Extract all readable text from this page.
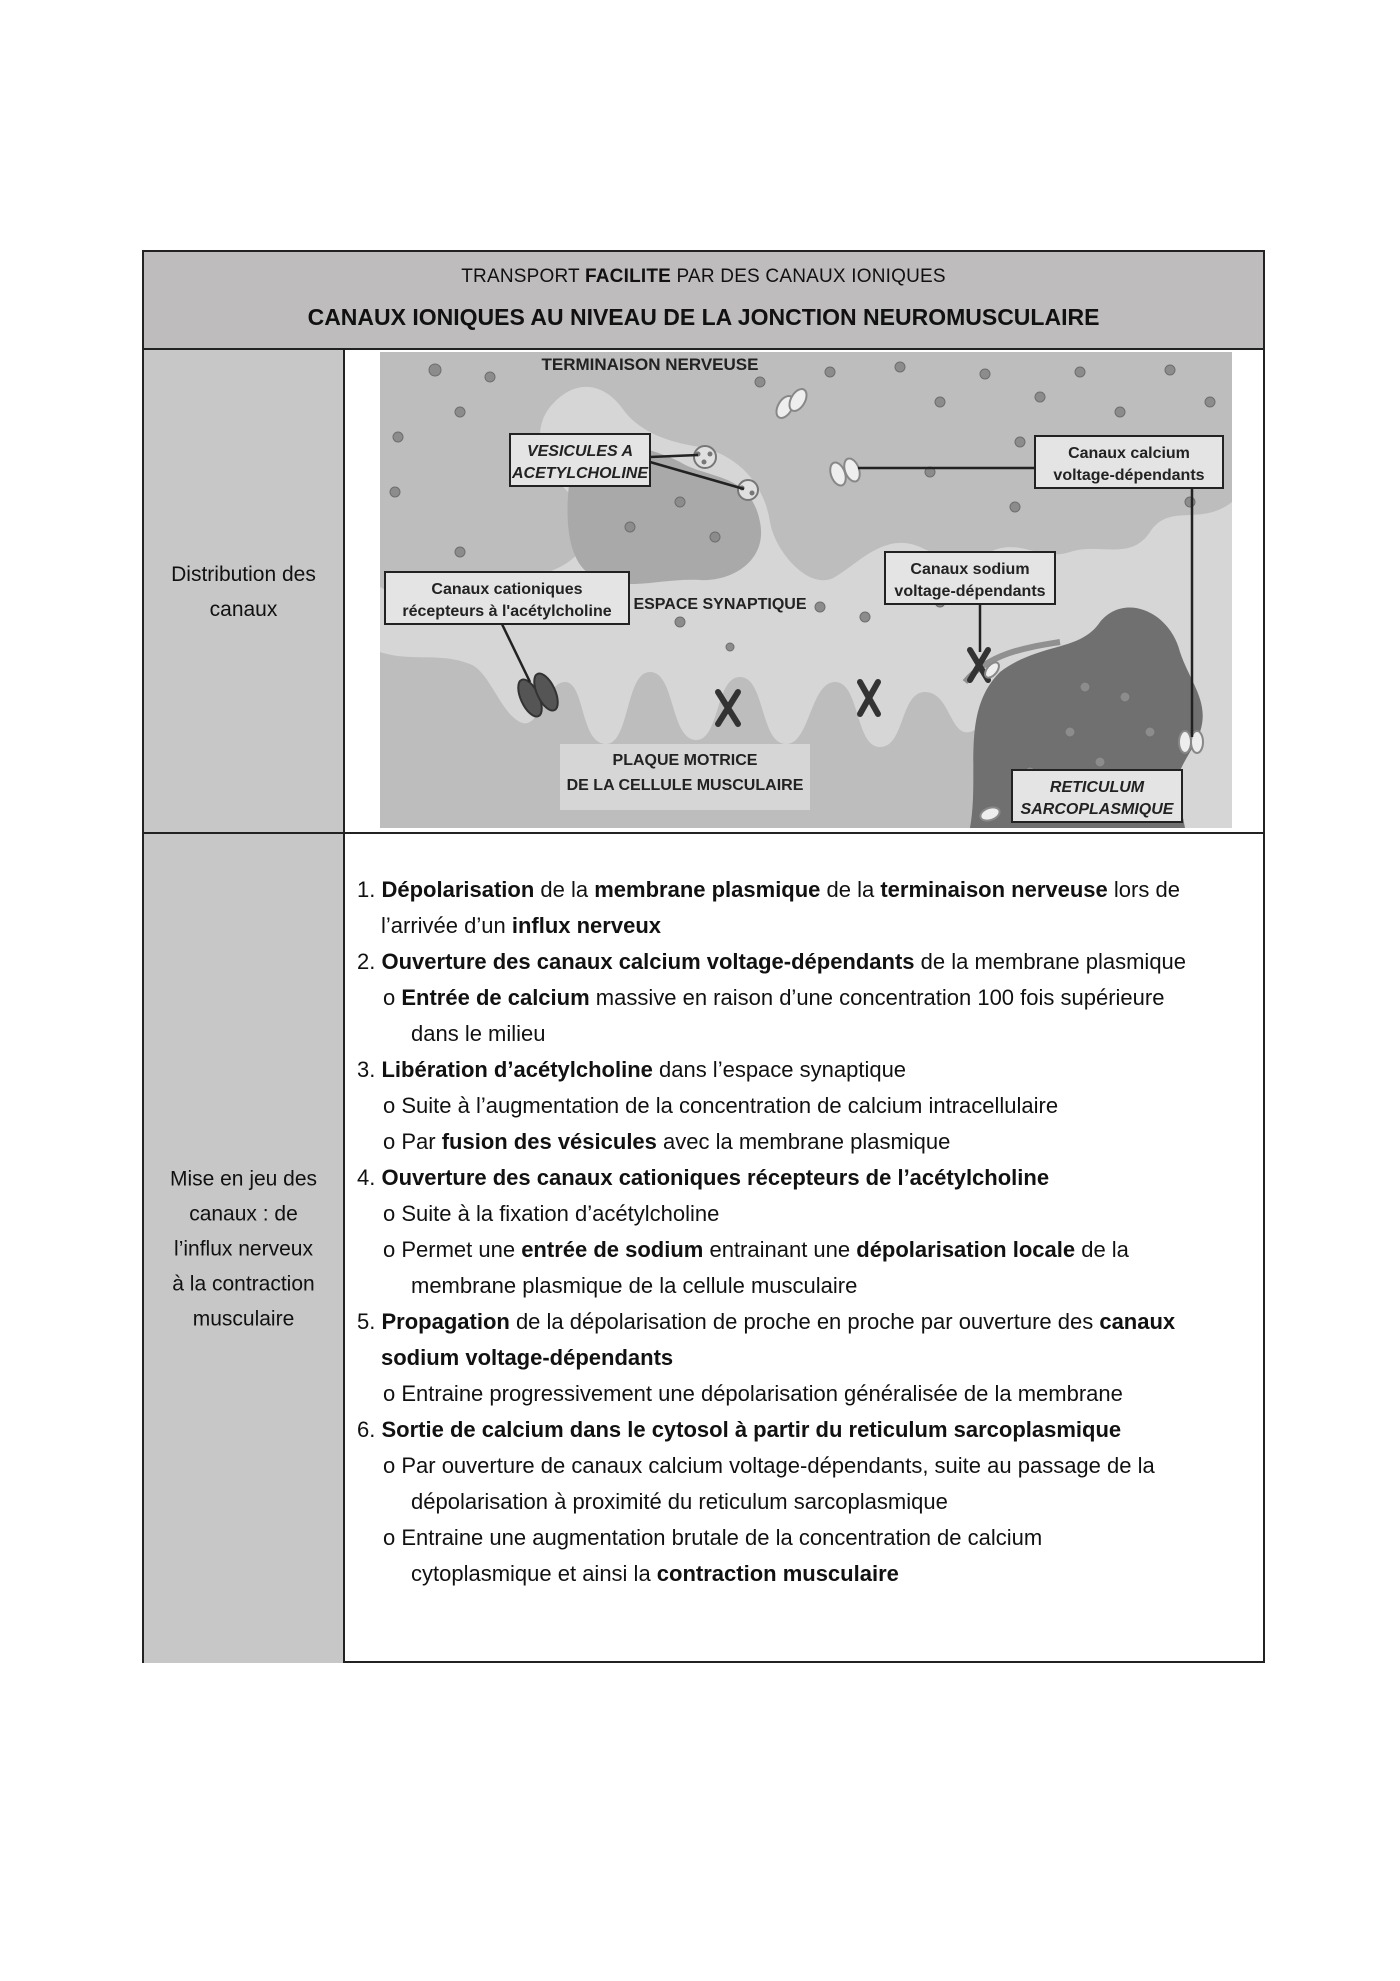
TRANSPORT FACILITE PAR DES CANAUX IONIQUES
CANAUX IONIQUES AU NIVEAU DE LA JONCTION NEUROMUSCULAIRE
Distribution des
canaux
TERMINAISON NERVEUSE
VESICULES A
ACETYLCHOLINE
Canaux calcium
voltage-dépendants
Canaux cationiques
récepteurs à l'acétylcholine ESPACE SYNAPTIQUE
Canaux sodium
voltage-dépendants
PLAQUE MOTRICE
DE LA CELLULE MUSCULAIRE	RETICULUM
SARCOPLASMIQUE
Mise en jeu des
canaux : de
l’influx nerveux
à la contraction
musculaire
1. Dépolarisation de la membrane plasmique de la terminaison nerveuse lors de
l’arrivée d’un influx nerveux
2. Ouverture des canaux calcium voltage-dépendants de la membrane plasmique
o Entrée de calcium massive en raison d’une concentration 100 fois supérieure
dans le milieu
3. Libération d’acétylcholine dans l’espace synaptique
o Suite à l’augmentation de la concentration de calcium intracellulaire
o Par fusion des vésicules avec la membrane plasmique
4. Ouverture des canaux cationiques récepteurs de l’acétylcholine
o Suite à la fixation d’acétylcholine
o Permet une entrée de sodium entrainant une dépolarisation locale de la
membrane plasmique de la cellule musculaire
5. Propagation de la dépolarisation de proche en proche par ouverture des canaux
sodium voltage-dépendants
o Entraine progressivement une dépolarisation généralisée de la membrane
6. Sortie de calcium dans le cytosol à partir du reticulum sarcoplasmique
o Par ouverture de canaux calcium voltage-dépendants, suite au passage de la
dépolarisation à proximité du reticulum sarcoplasmique
o Entraine une augmentation brutale de la concentration de calcium
cytoplasmique et ainsi la contraction musculaire
